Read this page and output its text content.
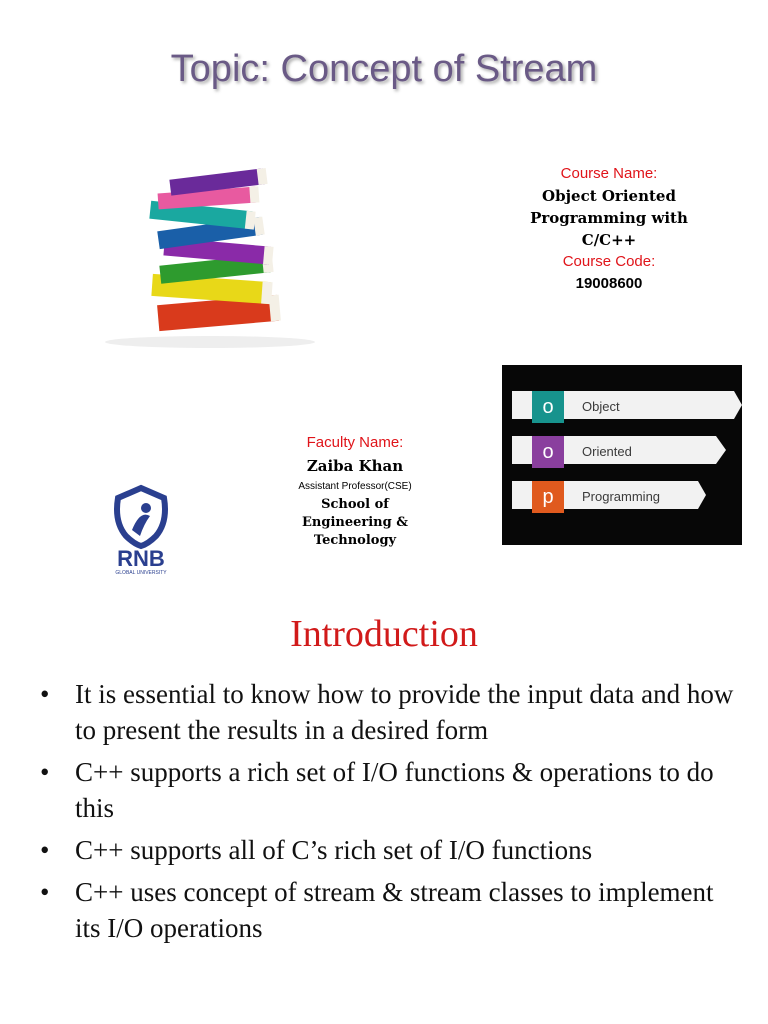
Topic: Concept of Stream
Course Name:
Object Oriented
Programming with
C/C++
Course Code:
19008600
o	Object
o	Oriented
p	Programming
Faculty Name:
Zaiba Khan
Assistant Professor(CSE)
School of
Engineering &
Technology
RNB
GLOBAL UNIVERSITY
Introduction
• It is essential to know how to provide the input data and how to present the results in a desired form
• C++ supports a rich set of I/O functions & operations to do this
• C++ supports all of C’s rich set of I/O functions
• C++ uses concept of stream & stream classes to implement its I/O operations
